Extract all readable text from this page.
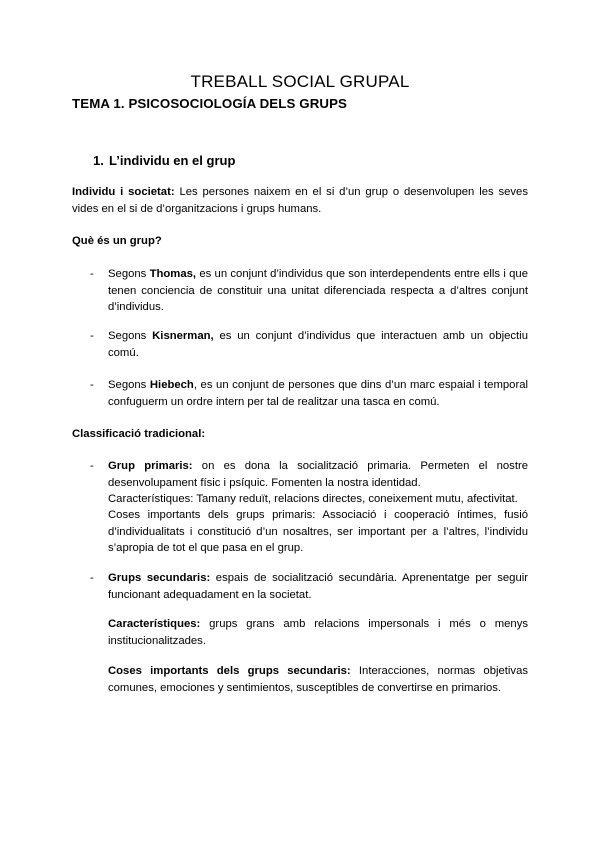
TREBALL SOCIAL GRUPAL
TEMA 1. PSICOSOCIOLOGÍA DELS GRUPS
1. L’individu en el grup
Individu i societat: Les persones naixem en el si d’un grup o desenvolupen les seves vides en el si de d’organitzacions i grups humans.
Què és un grup?
- Segons Thomas, es un conjunt d’individus que son interdependents entre ells i que tenen conciencia de constituir una unitat diferenciada respecta a d’altres conjunt d’individus.
- Segons Kisnerman, es un conjunt d’individus que interactuen amb un objectiu comú.
- Segons Hiebech, es un conjunt de persones que dins d’un marc espaial i temporal confuguerm un ordre intern per tal de realitzar una tasca en comú.
Classificació tradicional:
- Grup primaris: on es dona la socialització primaria. Permeten el nostre desenvolupament físic i psíquic. Fomenten la nostra identidad.
Característiques: Tamany reduït, relacions directes, coneixement mutu, afectivitat.
Coses importants dels grups primaris: Associació i cooperació íntimes, fusió d’individualitats i constitució d’un nosaltres, ser important per a l’altres, l’individu s’apropia de tot el que pasa en el grup.
- Grups secundaris: espais de socialització secundària. Aprenentatge per seguir funcionant adequadament en la societat.
Característiques: grups grans amb relacions impersonals i més o menys institucionalitzades.
Coses importants dels grups secundaris: Interacciones, normas objetivas comunes, emociones y sentimientos, susceptibles de convertirse en primarios.
